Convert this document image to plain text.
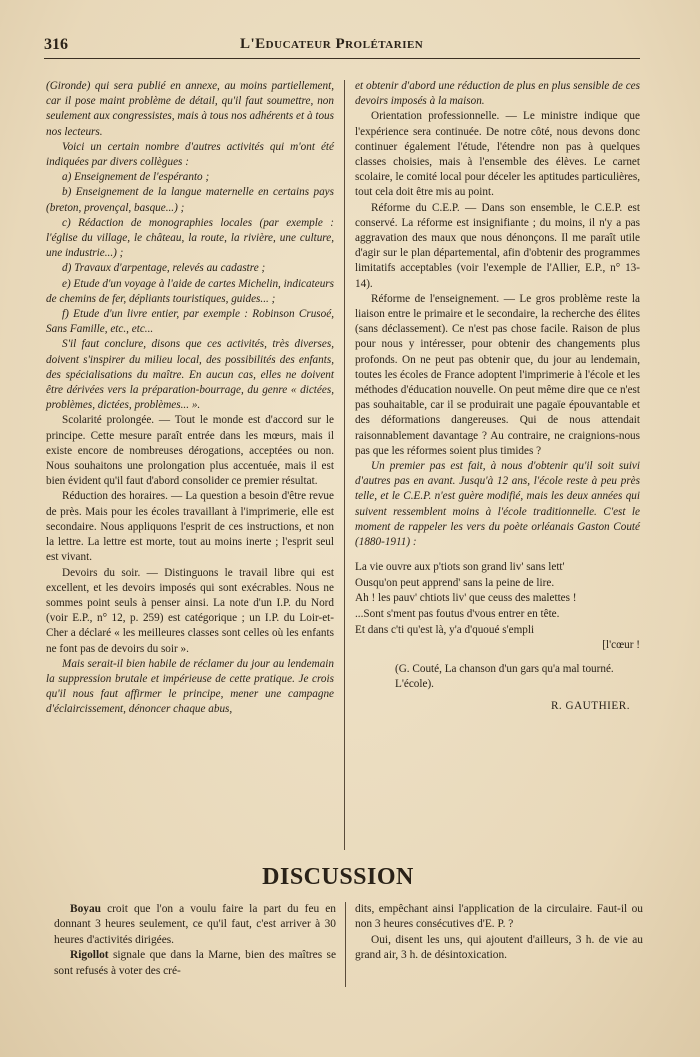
316	L'Educateur Prolétarien

(Gironde) qui sera publié en annexe, au moins partiellement, car il pose maint problème de détail, qu'il faut soumettre, non seulement aux congressistes, mais à tous nos adhérents et à tous nos lecteurs.

Voici un certain nombre d'autres activités qui m'ont été indiquées par divers collègues :

a) Enseignement de l'espéranto ;

b) Enseignement de la langue maternelle en certains pays (breton, provençal, basque...) ;

c) Rédaction de monographies locales (par exemple : l'église du village, le château, la route, la rivière, une culture, une industrie...) ;

d) Travaux d'arpentage, relevés au cadastre ;

e) Etude d'un voyage à l'aide de cartes Michelin, indicateurs de chemins de fer, dépliants touristiques, guides... ;

f) Etude d'un livre entier, par exemple : Robinson Crusoé, Sans Famille, etc., etc...

S'il faut conclure, disons que ces activités, très diverses, doivent s'inspirer du milieu local, des possibilités des enfants, des spécialisations du maître. En aucun cas, elles ne doivent être dérivées vers la préparation-bourrage, du genre « dictées, problèmes, dictées, problèmes... ».

Scolarité prolongée. — Tout le monde est d'accord sur le principe. Cette mesure paraît entrée dans les mœurs, mais il existe encore de nombreuses dérogations, acceptées ou non. Nous souhaitons une prolongation plus accentuée, mais il est bien évident qu'il faut d'abord consolider ce premier résultat.

Réduction des horaires. — La question a besoin d'être revue de près. Mais pour les écoles travaillant à l'imprimerie, elle est secondaire. Nous appliquons l'esprit de ces instructions, et non la lettre. La lettre est morte, tout au moins inerte ; l'esprit seul est vivant.

Devoirs du soir. — Distinguons le travail libre qui est excellent, et les devoirs imposés qui sont exécrables. Nous ne sommes point seuls à penser ainsi. La note d'un I.P. du Nord (voir E.P., n° 12, p. 259) est catégorique ; un I.P. du Loir-et-Cher a déclaré « les meilleures classes sont celles où les enfants ne font pas de devoirs du soir ».

Mais serait-il bien habile de réclamer du jour au lendemain la suppression brutale et impérieuse de cette pratique. Je crois qu'il nous faut affirmer le principe, mener une campagne d'éclaircissement, dénoncer chaque abus,

et obtenir d'abord une réduction de plus en plus sensible de ces devoirs imposés à la maison.

Orientation professionnelle. — Le ministre indique que l'expérience sera continuée. De notre côté, nous devons donc continuer également l'étude, l'étendre non pas à quelques classes choisies, mais à l'ensemble des élèves. Le carnet scolaire, le comité local pour déceler les aptitudes particulières, tout cela doit être mis au point.

Réforme du C.E.P. — Dans son ensemble, le C.E.P. est conservé. La réforme est insignifiante ; du moins, il n'y a pas aggravation des maux que nous dénonçons. Il me paraît utile d'agir sur le plan départemental, afin d'obtenir des programmes limitatifs acceptables (voir l'exemple de l'Allier, E.P., n° 13-14).

Réforme de l'enseignement. — Le gros problème reste la liaison entre le primaire et le secondaire, la recherche des élites (sans déclassement). Ce n'est pas chose facile. Raison de plus pour nous y intéresser, pour obtenir des changements plus profonds. On ne peut pas obtenir que, du jour au lendemain, toutes les écoles de France adoptent l'imprimerie à l'école et les méthodes d'éducation nouvelle. On peut même dire que ce n'est pas souhaitable, car il se produirait une pagaïe épouvantable et des déformations dangereuses. Qui de nous attendait raisonnablement davantage ? Au contraire, ne craignions-nous pas que les réformes soient plus timides ?

Un premier pas est fait, à nous d'obtenir qu'il soit suivi d'autres pas en avant. Jusqu'à 12 ans, l'école reste à peu près telle, et le C.E.P. n'est guère modifié, mais les deux années qui suivent ressemblent moins à l'école traditionnelle. C'est le moment de rappeler les vers du poète orléanais Gaston Couté (1880-1911) :

La vie ouvre aux p'tiots son grand liv' sans lett'
Ousqu'on peut apprend' sans la peine de lire.
Ah ! les pauv' chtiots liv' que ceuss des malettes !
...Sont s'ment pas foutus d'vous entrer en tête.
Et dans c'ti qu'est là, y'a d'quoué s'empli
[l'cœur !
(G. Couté, La chanson d'un gars qu'a mal tourné. L'école).
R. GAUTHIER.
DISCUSSION

Boyau croit que l'on a voulu faire la part du feu en donnant 3 heures seulement, ce qu'il faut, c'est arriver à 30 heures d'activités dirigées.

Rigollot signale que dans la Marne, bien des maîtres se sont refusés à voter des cré-

dits, empêchant ainsi l'application de la circulaire. Faut-il ou non 3 heures consécutives d'E. P. ?

Oui, disent les uns, qui ajoutent d'ailleurs, 3 h. de vie au grand air, 3 h. de désintoxication.
